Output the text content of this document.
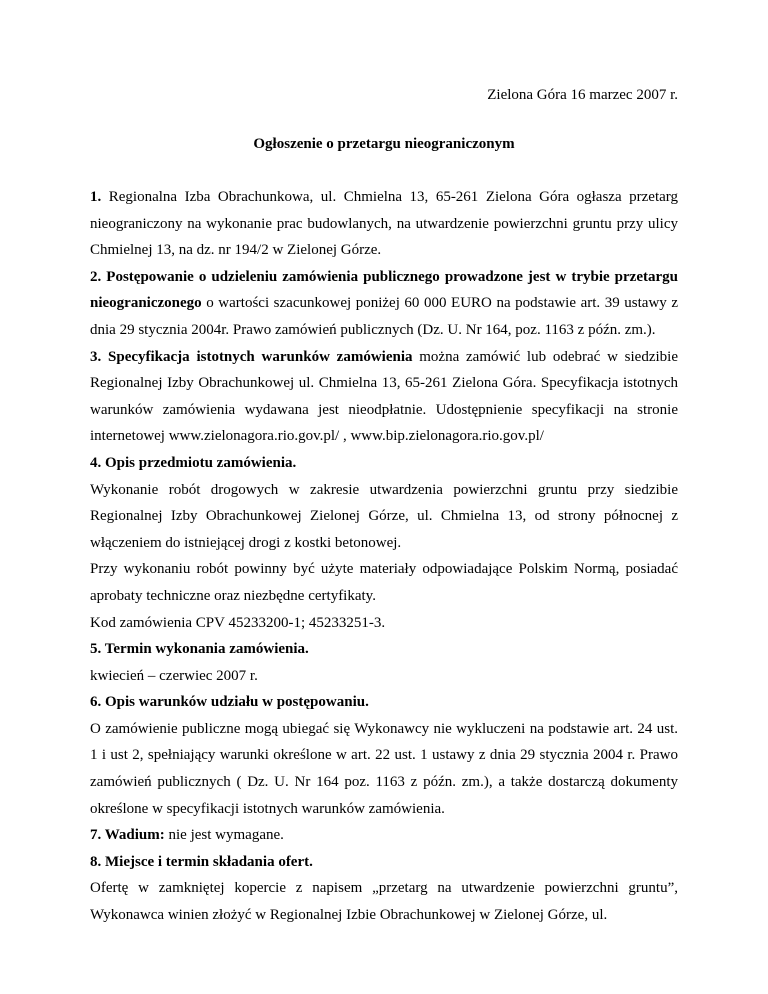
Zielona Góra 16 marzec 2007 r.

Ogłoszenie o przetargu nieograniczonym

1. Regionalna Izba Obrachunkowa, ul. Chmielna 13, 65-261 Zielona Góra ogłasza przetarg nieograniczony na wykonanie prac budowlanych, na utwardzenie powierzchni gruntu przy ulicy Chmielnej 13, na dz. nr 194/2 w Zielonej Górze.

2. Postępowanie o udzieleniu zamówienia publicznego prowadzone jest w trybie przetargu nieograniczonego o wartości szacunkowej poniżej 60 000 EURO na podstawie art. 39 ustawy z dnia 29 stycznia 2004r. Prawo zamówień publicznych (Dz. U. Nr 164, poz. 1163 z późn. zm.).

3. Specyfikacja istotnych warunków zamówienia można zamówić lub odebrać w siedzibie Regionalnej Izby Obrachunkowej ul. Chmielna 13, 65-261 Zielona Góra. Specyfikacja istotnych warunków zamówienia wydawana jest nieodpłatnie. Udostępnienie specyfikacji na stronie internetowej www.zielonagora.rio.gov.pl/ , www.bip.zielonagora.rio.gov.pl/

4. Opis przedmiotu zamówienia.

Wykonanie robót drogowych w zakresie utwardzenia powierzchni gruntu przy siedzibie Regionalnej Izby Obrachunkowej Zielonej Górze, ul. Chmielna 13, od strony północnej z włączeniem do istniejącej drogi z kostki betonowej.

Przy wykonaniu robót powinny być użyte materiały odpowiadające Polskim Normą, posiadać aprobaty techniczne oraz niezbędne certyfikaty.

Kod zamówienia CPV 45233200-1; 45233251-3.

5. Termin wykonania zamówienia.

kwiecień – czerwiec 2007 r.

6. Opis warunków udziału w postępowaniu.

O zamówienie publiczne mogą ubiegać się Wykonawcy nie wykluczeni na podstawie art. 24 ust. 1 i ust 2, spełniający warunki określone w art. 22 ust. 1 ustawy z dnia 29 stycznia 2004 r. Prawo zamówień publicznych ( Dz. U. Nr 164 poz. 1163 z późn. zm.), a także dostarczą dokumenty określone w specyfikacji istotnych warunków zamówienia.

7. Wadium: nie jest wymagane.

8. Miejsce i termin składania ofert.

Ofertę w zamkniętej kopercie z napisem „przetarg na utwardzenie powierzchni gruntu”, Wykonawca winien złożyć w Regionalnej Izbie Obrachunkowej w Zielonej Górze, ul.
